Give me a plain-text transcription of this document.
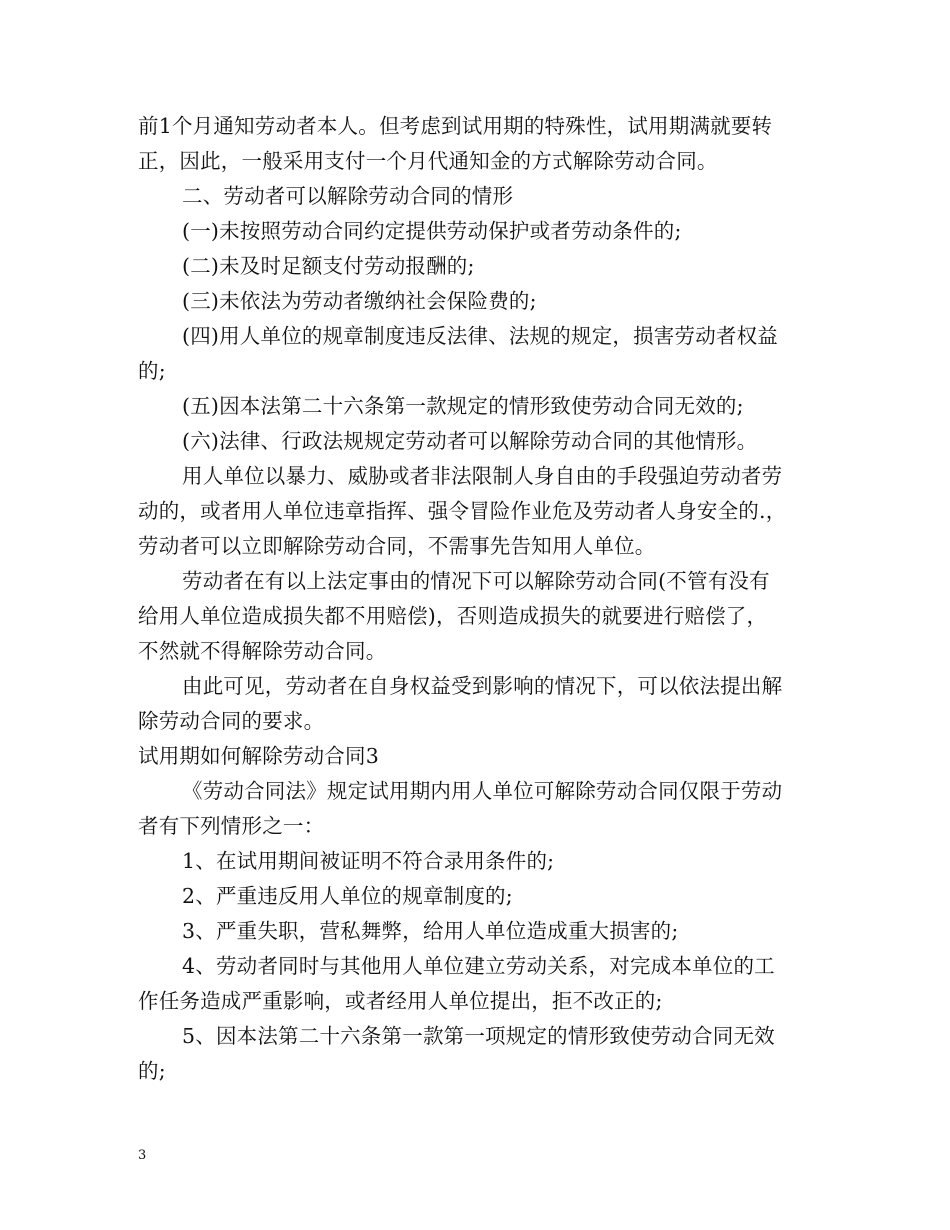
前1个月通知劳动者本人。但考虑到试用期的特殊性，试用期满就要转

正，因此，一般采用支付一个月代通知金的方式解除劳动合同。

二、劳动者可以解除劳动合同的情形

(一)未按照劳动合同约定提供劳动保护或者劳动条件的;

(二)未及时足额支付劳动报酬的;

(三)未依法为劳动者缴纳社会保险费的;

(四)用人单位的规章制度违反法律、法规的规定，损害劳动者权益

的;

(五)因本法第二十六条第一款规定的情形致使劳动合同无效的;

(六)法律、行政法规规定劳动者可以解除劳动合同的其他情形。

用人单位以暴力、威胁或者非法限制人身自由的手段强迫劳动者劳

动的，或者用人单位违章指挥、强令冒险作业危及劳动者人身安全的.，

劳动者可以立即解除劳动合同，不需事先告知用人单位。

劳动者在有以上法定事由的情况下可以解除劳动合同(不管有没有

给用人单位造成损失都不用赔偿)，否则造成损失的就要进行赔偿了，

不然就不得解除劳动合同。

由此可见，劳动者在自身权益受到影响的情况下，可以依法提出解

除劳动合同的要求。

试用期如何解除劳动合同3

《劳动合同法》规定试用期内用人单位可解除劳动合同仅限于劳动

者有下列情形之一：

1、在试用期间被证明不符合录用条件的;

2、严重违反用人单位的规章制度的;

3、严重失职，营私舞弊，给用人单位造成重大损害的;

4、劳动者同时与其他用人单位建立劳动关系，对完成本单位的工

作任务造成严重影响，或者经用人单位提出，拒不改正的;

5、因本法第二十六条第一款第一项规定的情形致使劳动合同无效

的;

3
